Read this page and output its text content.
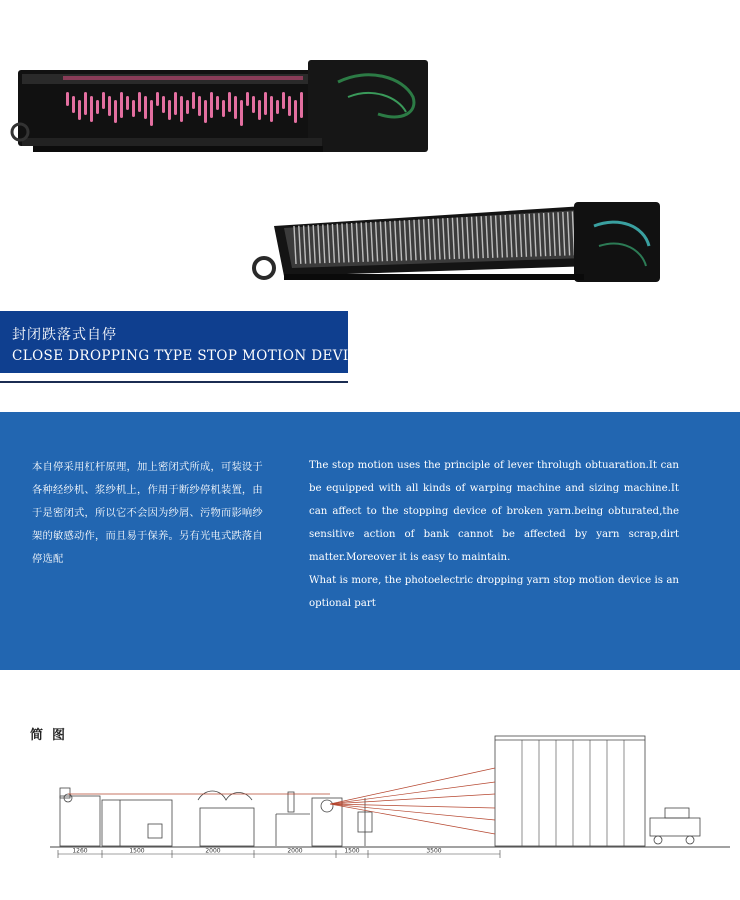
封闭跌落式自停
CLOSE DROPPING TYPE STOP MOTION DEVICE
本自停采用杠杆原理，加上密闭式所成，可装设于各种经纱机、浆纱机上，作用于断纱停机装置，由于是密闭式，所以它不会因为纱屑、污物而影响纱架的敏感动作，而且易于保养。另有光电式跌落自停选配

The stop motion uses the principle of lever throlugh obtuaration.It can be equipped with all kinds of warping machine and sizing machine.It can affect to the stopping device of broken yarn.being obturated,the sensitive action of bank cannot be affected by yarn scrap,dirt matter.Moreover it is easy to maintain.

What is more, the photoelectric dropping yarn stop motion device is an optional part

简图
1260	1500	2000	2000	1500	3500
